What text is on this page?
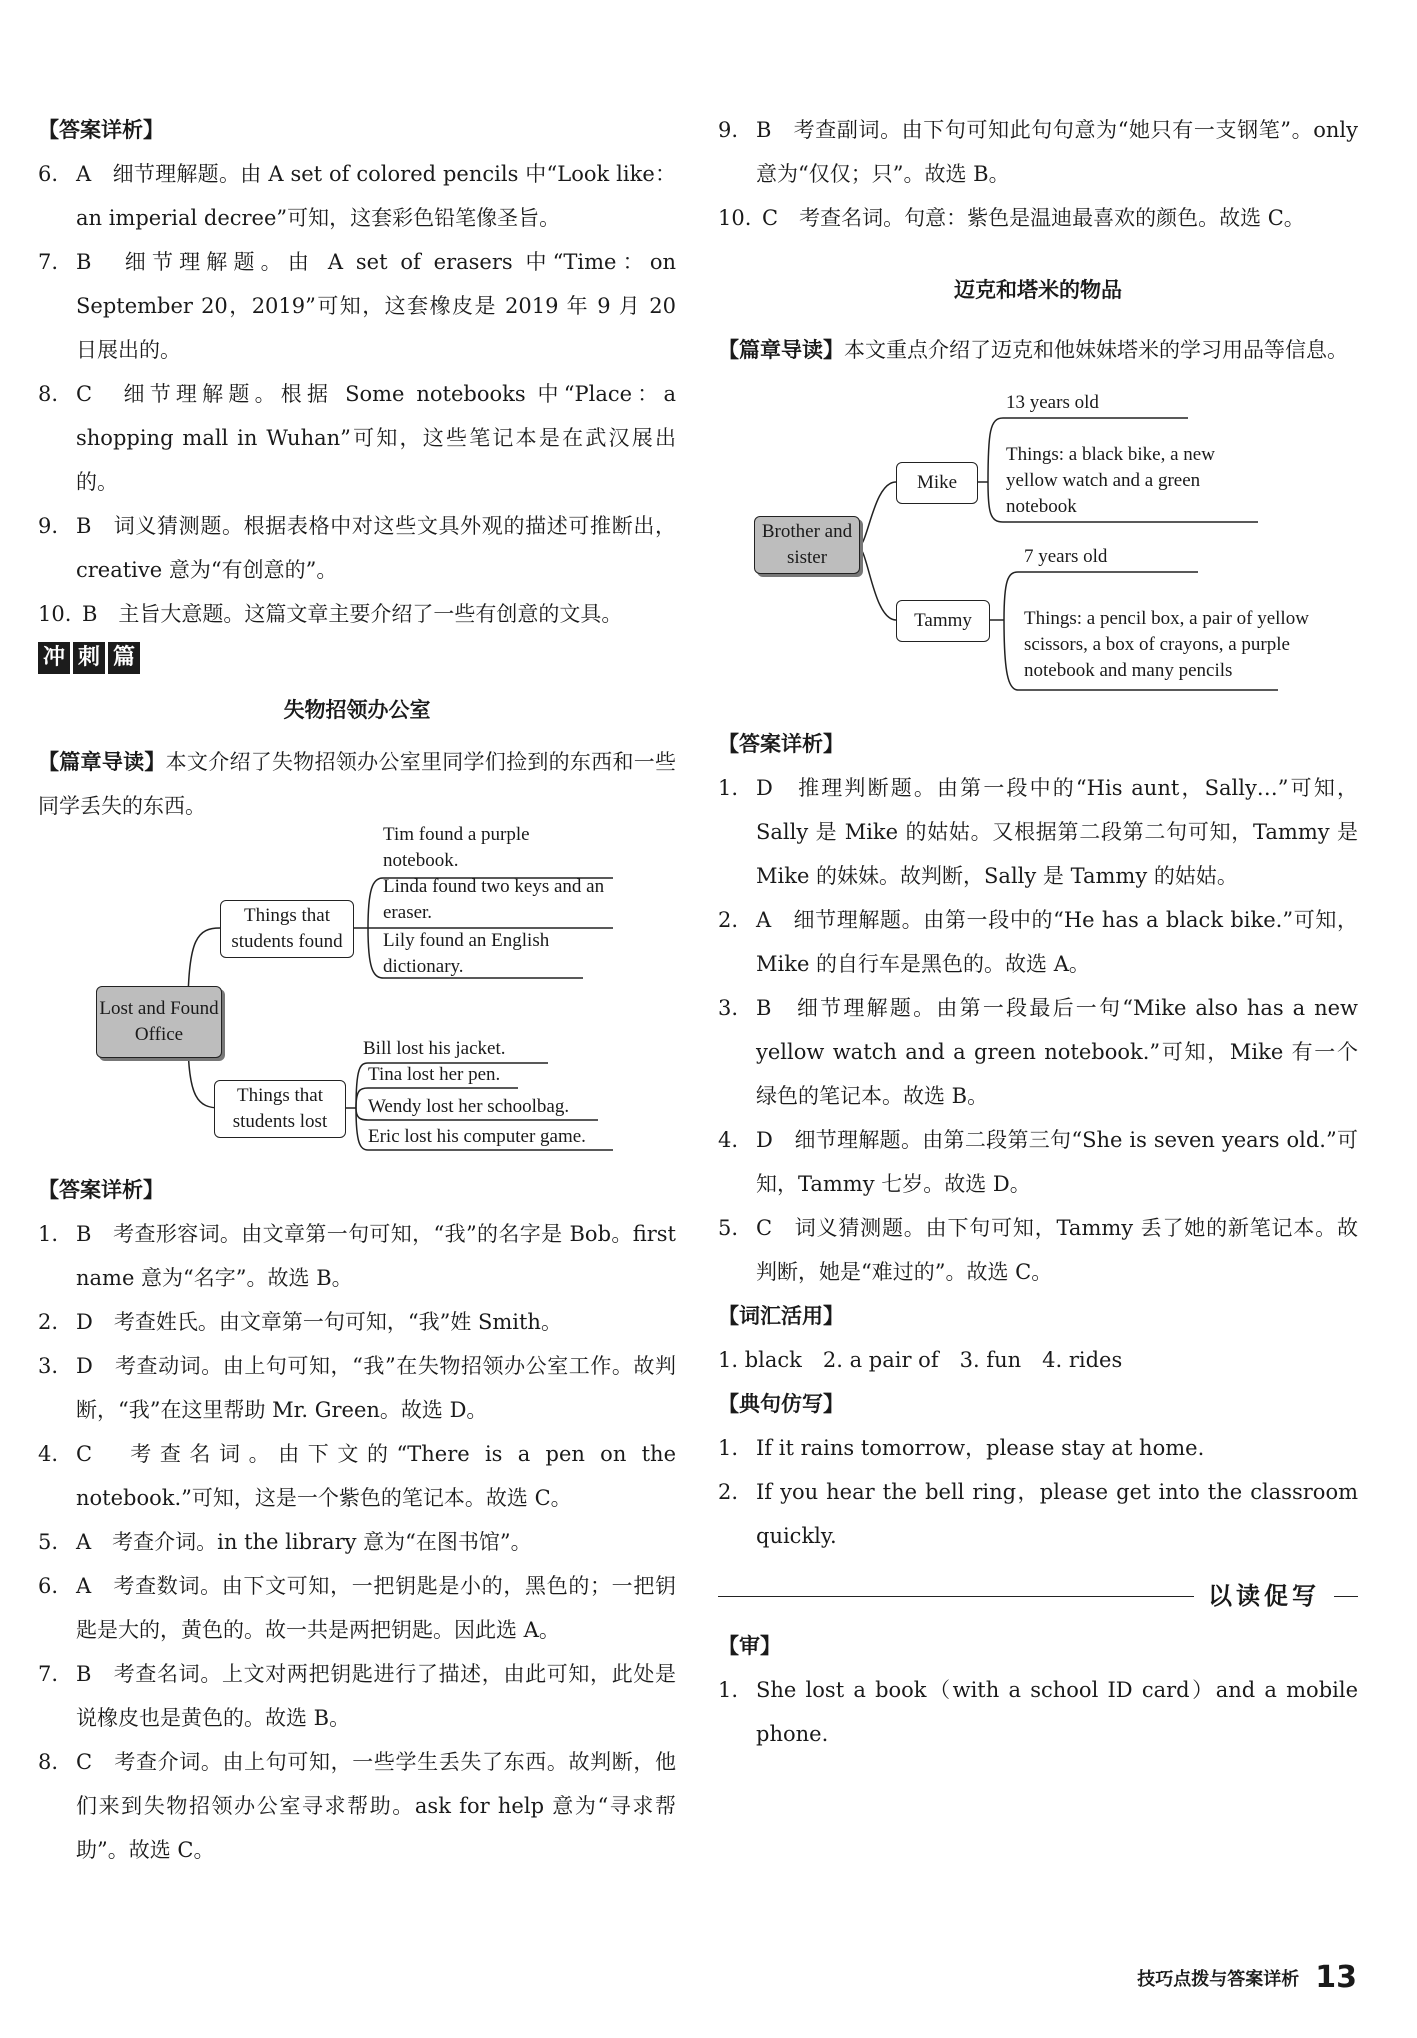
【答案详析】

6. A　细节理解题。由 A set of colored pencils 中“Look like：an imperial decree”可知，这套彩色铅笔像圣旨。
7. B　细节理解题。由 A set of erasers 中“Time：on September 20，2019”可知，这套橡皮是 2019 年 9 月 20 日展出的。
8. C　细节理解题。根据 Some notebooks 中“Place：a shopping mall in Wuhan”可知，这些笔记本是在武汉展出的。
9. B　词义猜测题。根据表格中对这些文具外观的描述可推断出，creative 意为“有创意的”。
10. B　主旨大意题。这篇文章主要介绍了一些有创意的文具。
冲 刺 篇

失物招领办公室

【篇章导读】本文介绍了失物招领办公室里同学们捡到的东西和一些同学丢失的东西。

Lost and Found Office
Things that students found
Things that students lost
Tim found a purple notebook.
Linda found two keys and an eraser.
Lily found an English dictionary.
Bill lost his jacket.
Tina lost her pen.
Wendy lost her schoolbag.
Eric lost his computer game.

【答案详析】

1. B　考查形容词。由文章第一句可知，“我”的名字是 Bob。first name 意为“名字”。故选 B。
2. D　考查姓氏。由文章第一句可知，“我”姓 Smith。
3. D　考查动词。由上句可知，“我”在失物招领办公室工作。故判断，“我”在这里帮助 Mr. Green。故选 D。
4. C　考查名词。由下文的“There is a pen on the notebook.”可知，这是一个紫色的笔记本。故选 C。
5. A　考查介词。in the library 意为“在图书馆”。
6. A　考查数词。由下文可知，一把钥匙是小的，黑色的；一把钥匙是大的，黄色的。故一共是两把钥匙。因此选 A。
7. B　考查名词。上文对两把钥匙进行了描述，由此可知，此处是说橡皮也是黄色的。故选 B。
8. C　考查介词。由上句可知，一些学生丢失了东西。故判断，他们来到失物招领办公室寻求帮助。ask for help 意为“寻求帮助”。故选 C。
9. B　考查副词。由下句可知此句句意为“她只有一支钢笔”。only 意为“仅仅；只”。故选 B。
10. C　考查名词。句意：紫色是温迪最喜欢的颜色。故选 C。

迈克和塔米的物品

【篇章导读】本文重点介绍了迈克和他妹妹塔米的学习用品等信息。

Brother and sister
Mike
Tammy
13 years old
Things: a black bike, a new yellow watch and a green notebook
7 years old
Things: a pencil box, a pair of yellow scissors, a box of crayons, a purple notebook and many pencils

【答案详析】

1. D　推理判断题。由第一段中的“His aunt，Sally…”可知，Sally 是 Mike 的姑姑。又根据第二段第二句可知，Tammy 是 Mike 的妹妹。故判断，Sally 是 Tammy 的姑姑。
2. A　细节理解题。由第一段中的“He has a black bike.”可知，Mike 的自行车是黑色的。故选 A。
3. B　细节理解题。由第一段最后一句“Mike also has a new yellow watch and a green notebook.”可知，Mike 有一个绿色的笔记本。故选 B。
4. D　细节理解题。由第二段第三句“She is seven years old.”可知，Tammy 七岁。故选 D。
5. C　词义猜测题。由下句可知，Tammy 丢了她的新笔记本。故判断，她是“难过的”。故选 C。

【词汇活用】

1. black　2. a pair of　3. fun　4. rides

【典句仿写】

1. If it rains tomorrow，please stay at home.
2. If you hear the bell ring，please get into the classroom quickly.
以读促写

【审】

1. She lost a book（with a school ID card）and a mobile phone.
技巧点拨与答案详析 13
